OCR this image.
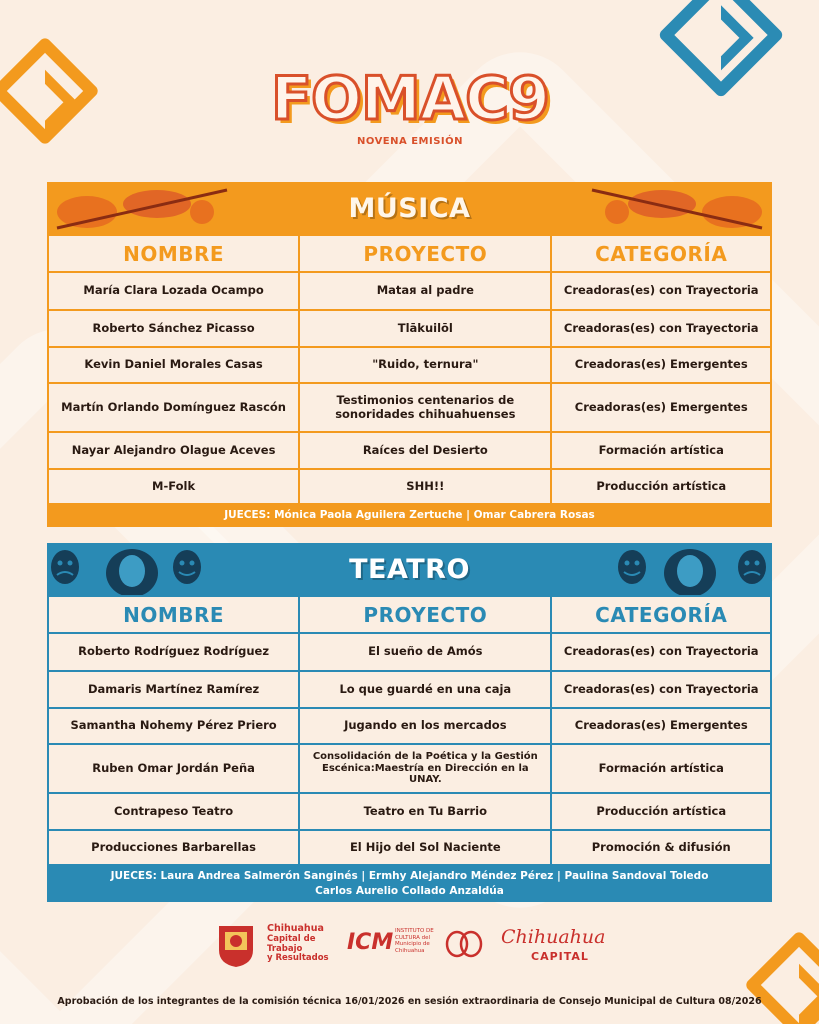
FOMAC9
NOVENA EMISIÓN
MÚSICA
NOMBRE	PROYECTO	CATEGORÍA
María Clara Lozada Ocampo	Mataя al padre	Creadoras(es) con Trayectoria
Roberto Sánchez Picasso	Tlākuilōl	Creadoras(es) con Trayectoria
Kevin Daniel Morales Casas	"Ruido, ternura"	Creadoras(es) Emergentes
Martín Orlando Domínguez Rascón	Testimonios centenarios de sonoridades chihuahuenses	Creadoras(es) Emergentes
Nayar Alejandro Olague Aceves	Raíces del Desierto	Formación artística
M-Folk	SHH!!	Producción artística
JUECES: Mónica Paola Aguilera Zertuche | Omar Cabrera Rosas
TEATRO
NOMBRE	PROYECTO	CATEGORÍA
Roberto Rodríguez Rodríguez	El sueño de Amós	Creadoras(es) con Trayectoria
Damaris Martínez Ramírez	Lo que guardé en una caja	Creadoras(es) con Trayectoria
Samantha Nohemy Pérez Priero	Jugando en los mercados	Creadoras(es) Emergentes
Ruben Omar Jordán Peña	Consolidación de la Poética y la Gestión Escénica:Maestría en Dirección en la UNAY.	Formación artística
Contrapeso Teatro	Teatro en Tu Barrio	Producción artística
Producciones Barbarellas	El Hijo del Sol Naciente	Promoción & difusión
JUECES: Laura Andrea Salmerón Sanginés | Ermhy Alejandro Méndez Pérez | Paulina Sandoval Toledo
Carlos Aurelio Collado Anzaldúa
Chihuahua
Capital de Trabajo
y Resultados
ICM INSTITUTO DE CULTURA del Municipio de Chihuahua
Chihuahua
CAPITAL
Aprobación de los integrantes de la comisión técnica 16/01/2026 en sesión extraordinaria de Consejo Municipal de Cultura 08/2026
